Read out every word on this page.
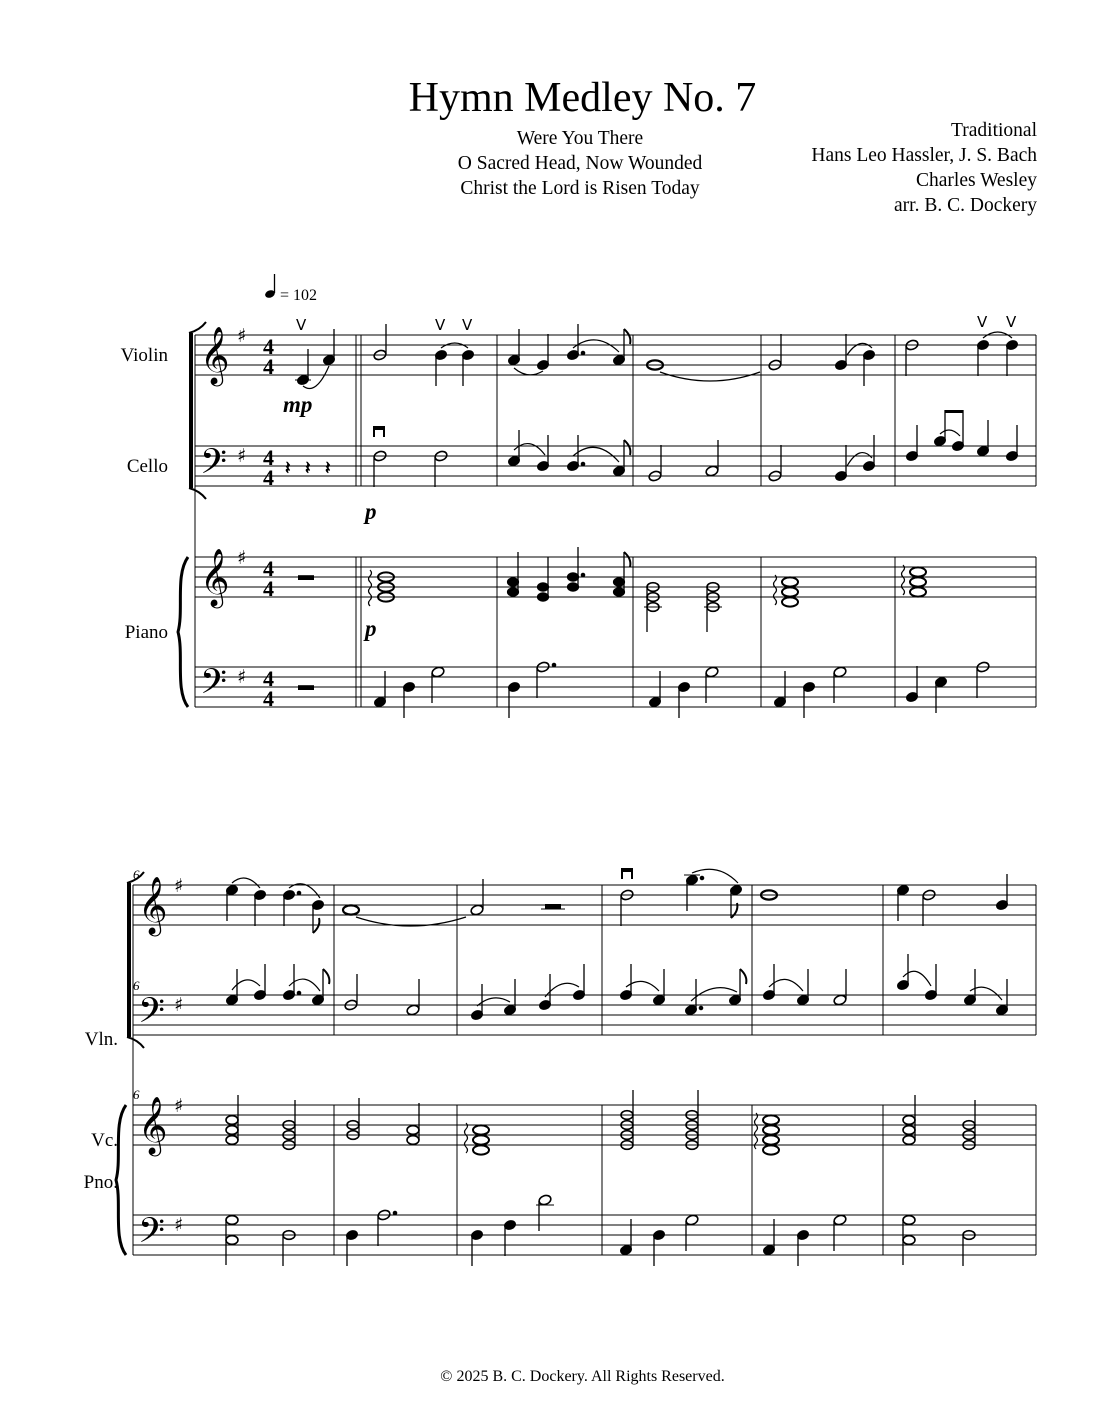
Hymn Medley No. 7
Were You There
O Sacred Head, Now Wounded
Christ the Lord is Risen Today
Traditional
Hans Leo Hassler, J. S. Bach
Charles Wesley
arr. B. C. Dockery
= 102
Violin
Cello
Piano
𝄞
𝄢
𝄞
𝄢
♯
♯
♯
♯
4
4
4
4
4
4
4
4
V	V V	V V
mp
𝄽 𝄽 𝄽
p
▬
p
▬
Vln.
Vc.
Pno.
6
6
6
𝄞
𝄢
𝄞
𝄢
♯
♯
♯
♯
© 2025 B. C. Dockery. All Rights Reserved.
